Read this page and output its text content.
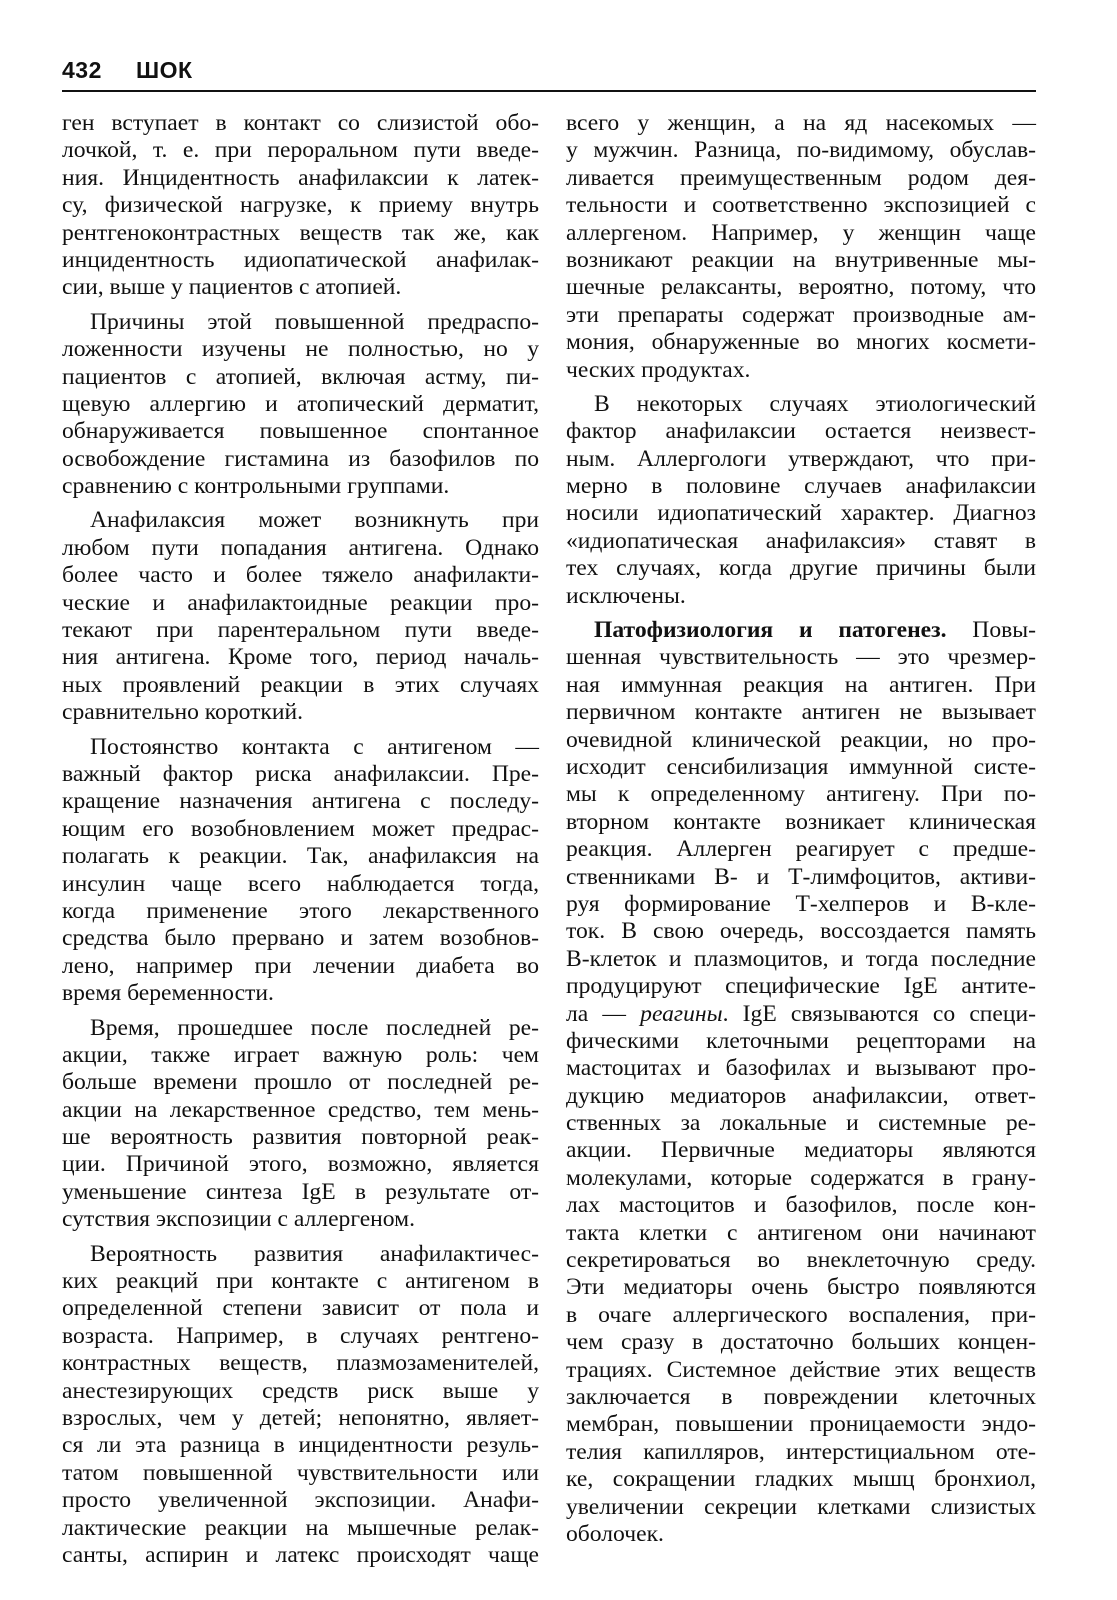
432 ШОК
ген вступает в контакт со слизистой обо-
лочкой, т. е. при пероральном пути введе-
ния. Инцидентность анафилаксии к латек-
су, физической нагрузке, к приему внутрь
рентгеноконтрастных веществ так же, как
инцидентность идиопатической анафилак-
сии, выше у пациентов с атопией.
Причины этой повышенной предраспо-
ложенности изучены не полностью, но у
пациентов с атопией, включая астму, пи-
щевую аллергию и атопический дерматит,
обнаруживается повышенное спонтанное
освобождение гистамина из базофилов по
сравнению с контрольными группами.
Анафилаксия может возникнуть при
любом пути попадания антигена. Однако
более часто и более тяжело анафилакти-
ческие и анафилактоидные реакции про-
текают при парентеральном пути введе-
ния антигена. Кроме того, период началь-
ных проявлений реакции в этих случаях
сравнительно короткий.
Постоянство контакта с антигеном —
важный фактор риска анафилаксии. Пре-
кращение назначения антигена с последу-
ющим его возобновлением может предрас-
полагать к реакции. Так, анафилаксия на
инсулин чаще всего наблюдается тогда,
когда применение этого лекарственного
средства было прервано и затем возобнов-
лено, например при лечении диабета во
время беременности.
Время, прошедшее после последней ре-
акции, также играет важную роль: чем
больше времени прошло от последней ре-
акции на лекарственное средство, тем мень-
ше вероятность развития повторной реак-
ции. Причиной этого, возможно, является
уменьшение синтеза IgE в результате от-
сутствия экспозиции с аллергеном.
Вероятность развития анафилактичес-
ких реакций при контакте с антигеном в
определенной степени зависит от пола и
возраста. Например, в случаях рентгено-
контрастных веществ, плазмозаменителей,
анестезирующих средств риск выше у
взрослых, чем у детей; непонятно, являет-
ся ли эта разница в инцидентности резуль-
татом повышенной чувствительности или
просто увеличенной экспозиции. Анафи-
лактические реакции на мышечные релак-
санты, аспирин и латекс происходят чаще
всего у женщин, а на яд насекомых —
у мужчин. Разница, по-видимому, обуслав-
ливается преимущественным родом дея-
тельности и соответственно экспозицией с
аллергеном. Например, у женщин чаще
возникают реакции на внутривенные мы-
шечные релаксанты, вероятно, потому, что
эти препараты содержат производные ам-
мония, обнаруженные во многих космети-
ческих продуктах.
В некоторых случаях этиологический
фактор анафилаксии остается неизвест-
ным. Аллергологи утверждают, что при-
мерно в половине случаев анафилаксии
носили идиопатический характер. Диагноз
«идиопатическая анафилаксия» ставят в
тех случаях, когда другие причины были
исключены.
Патофизиология и патогенез. Повы-
шенная чувствительность — это чрезмер-
ная иммунная реакция на антиген. При
первичном контакте антиген не вызывает
очевидной клинической реакции, но про-
исходит сенсибилизация иммунной систе-
мы к определенному антигену. При по-
вторном контакте возникает клиническая
реакция. Аллерген реагирует с предше-
ственниками В- и Т-лимфоцитов, активи-
руя формирование Т-хелперов и В-кле-
ток. В свою очередь, воссоздается память
В-клеток и плазмоцитов, и тогда последние
продуцируют специфические IgE антите-
ла — реагины. IgE связываются со специ-
фическими клеточными рецепторами на
мастоцитах и базофилах и вызывают про-
дукцию медиаторов анафилаксии, ответ-
ственных за локальные и системные ре-
акции. Первичные медиаторы являются
молекулами, которые содержатся в грану-
лах мастоцитов и базофилов, после кон-
такта клетки с антигеном они начинают
секретироваться во внеклеточную среду.
Эти медиаторы очень быстро появляются
в очаге аллергического воспаления, при-
чем сразу в достаточно больших концен-
трациях. Системное действие этих веществ
заключается в повреждении клеточных
мембран, повышении проницаемости эндо-
телия капилляров, интерстициальном оте-
ке, сокращении гладких мышц бронхиол,
увеличении секреции клетками слизистых
оболочек.
